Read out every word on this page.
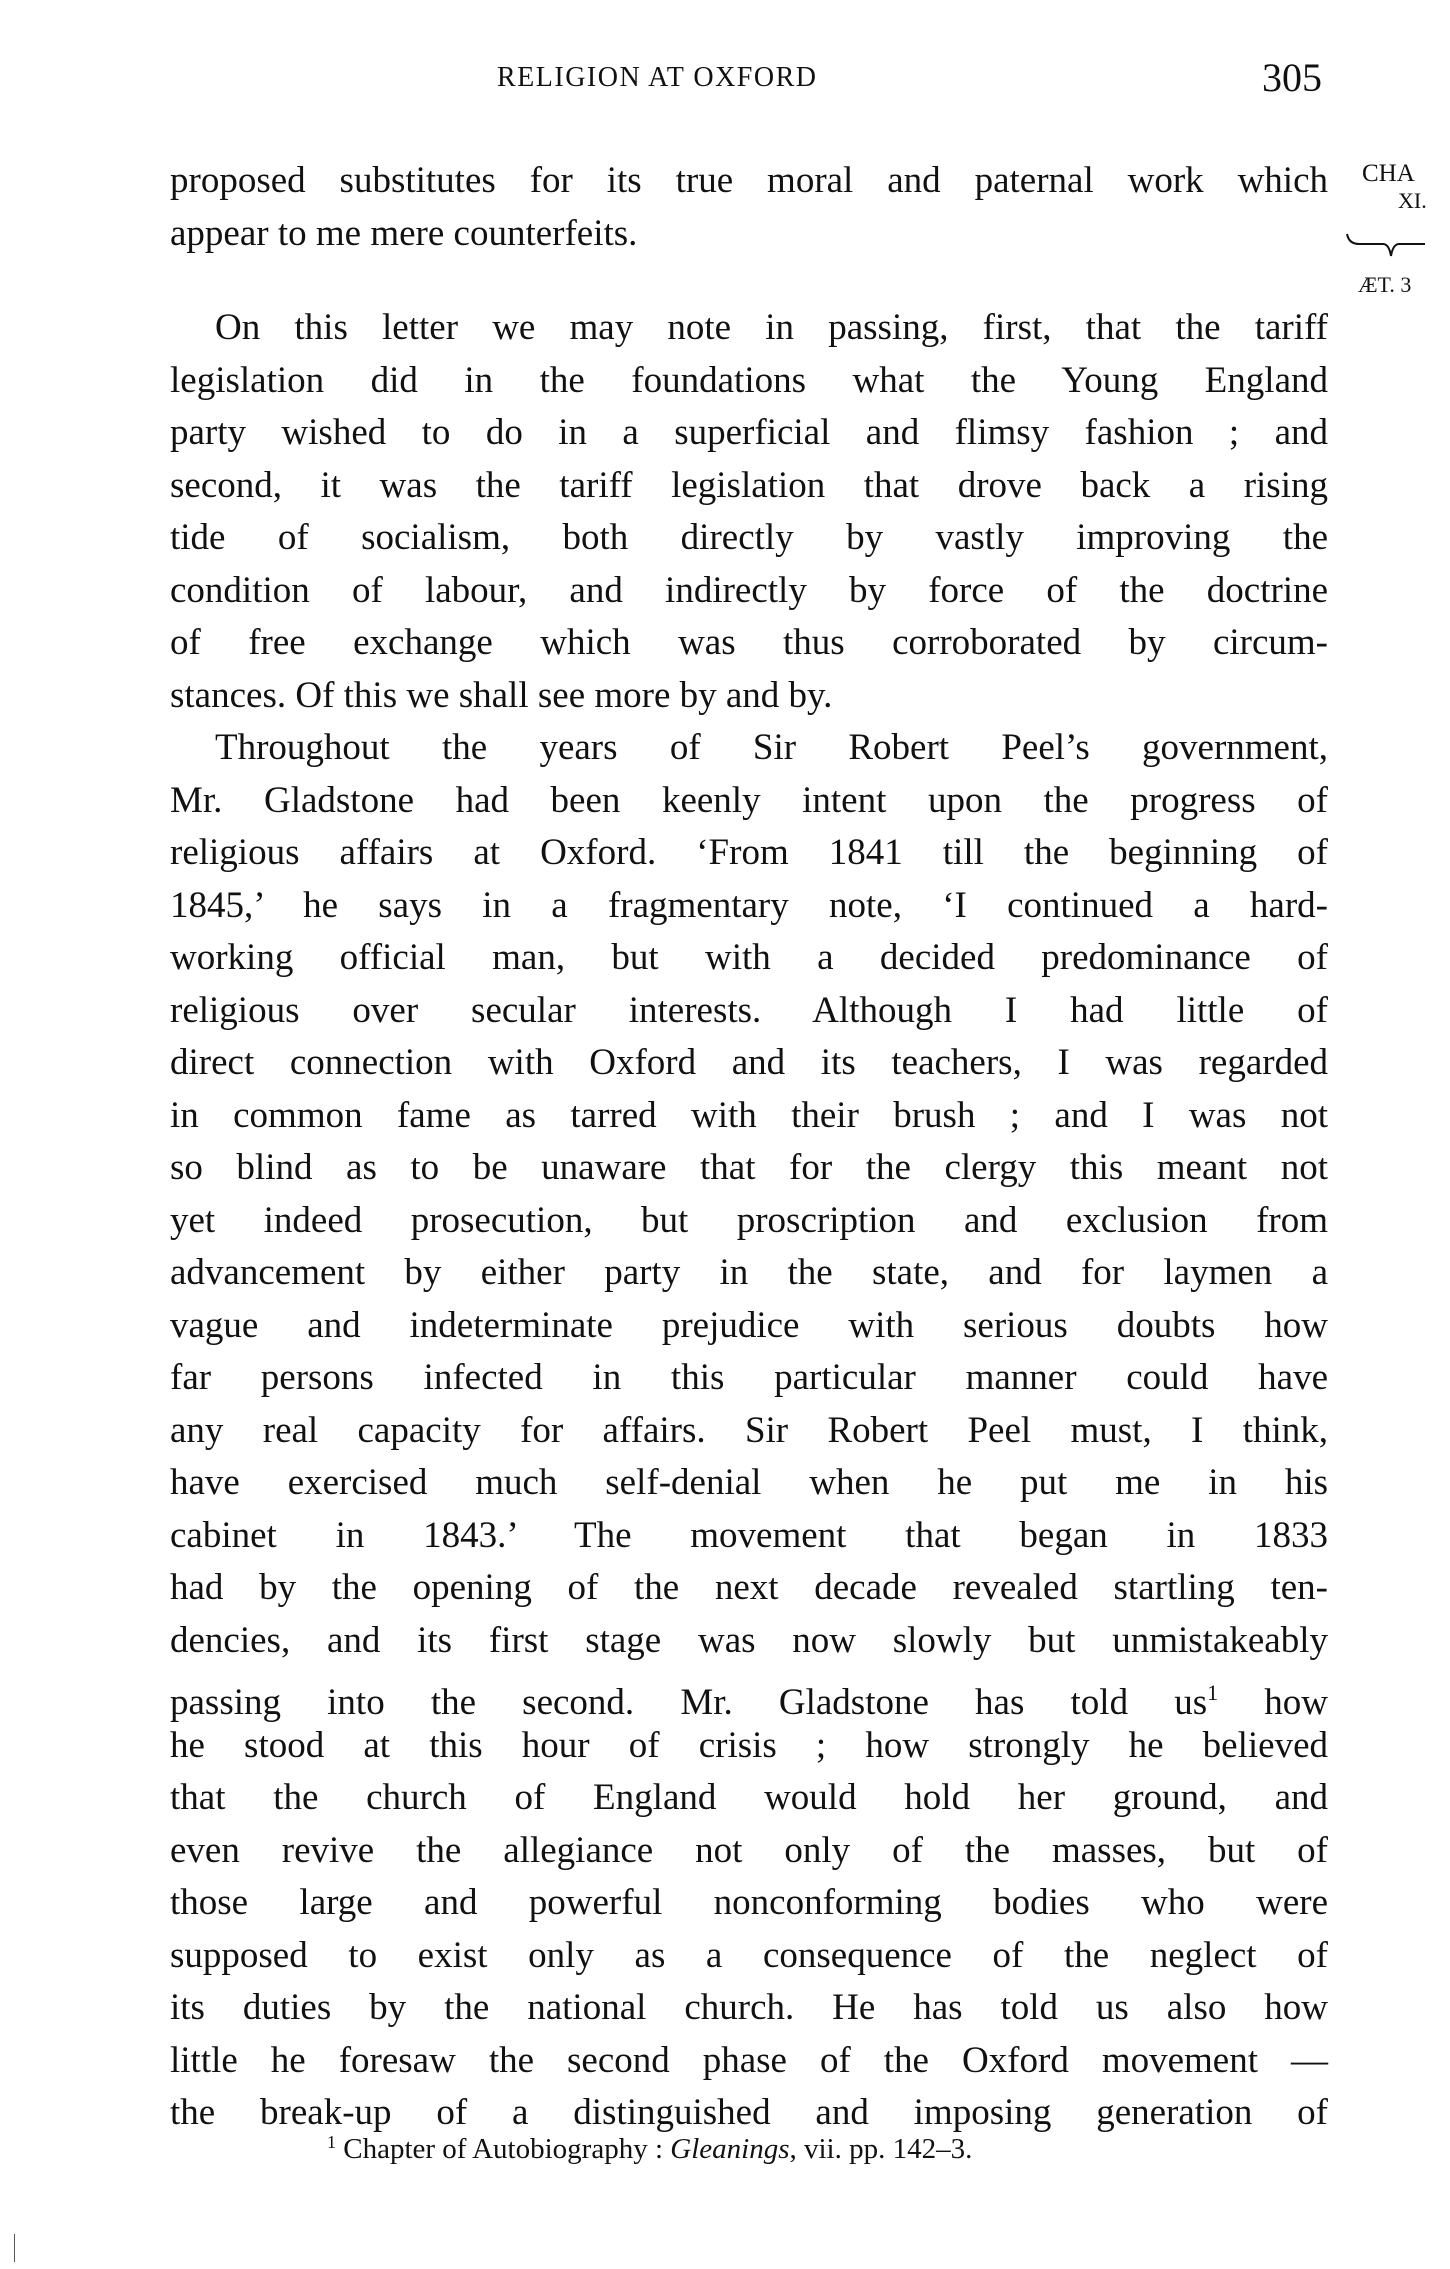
RELIGION AT OXFORD	305
CHA
XI.
ÆT. 3
proposed substitutes for its true moral and paternal work which
appear to me mere counterfeits.
On this letter we may note in passing, first, that the tariff
legislation did in the foundations what the Young England
party wished to do in a superficial and flimsy fashion ; and
second, it was the tariff legislation that drove back a rising
tide of socialism, both directly by vastly improving the
condition of labour, and indirectly by force of the doctrine
of free exchange which was thus corroborated by circum-
stances. Of this we shall see more by and by.
Throughout the years of Sir Robert Peel’s government,
Mr. Gladstone had been keenly intent upon the progress of
religious affairs at Oxford. ‘From 1841 till the beginning of
1845,’ he says in a fragmentary note, ‘I continued a hard-
working official man, but with a decided predominance of
religious over secular interests. Although I had little of
direct connection with Oxford and its teachers, I was regarded
in common fame as tarred with their brush ; and I was not
so blind as to be unaware that for the clergy this meant not
yet indeed prosecution, but proscription and exclusion from
advancement by either party in the state, and for laymen a
vague and indeterminate prejudice with serious doubts how
far persons infected in this particular manner could have
any real capacity for affairs. Sir Robert Peel must, I think,
have exercised much self-denial when he put me in his
cabinet in 1843.’ The movement that began in 1833
had by the opening of the next decade revealed startling ten-
dencies, and its first stage was now slowly but unmistakeably
passing into the second. Mr. Gladstone has told us$^1$ how
he stood at this hour of crisis ; how strongly he believed
that the church of England would hold her ground, and
even revive the allegiance not only of the masses, but of
those large and powerful nonconforming bodies who were
supposed to exist only as a consequence of the neglect of
its duties by the national church. He has told us also how
little he foresaw the second phase of the Oxford movement —
the break-up of a distinguished and imposing generation of
$^1$ Chapter of Autobiography : Gleanings, vii. pp. 142–3.
